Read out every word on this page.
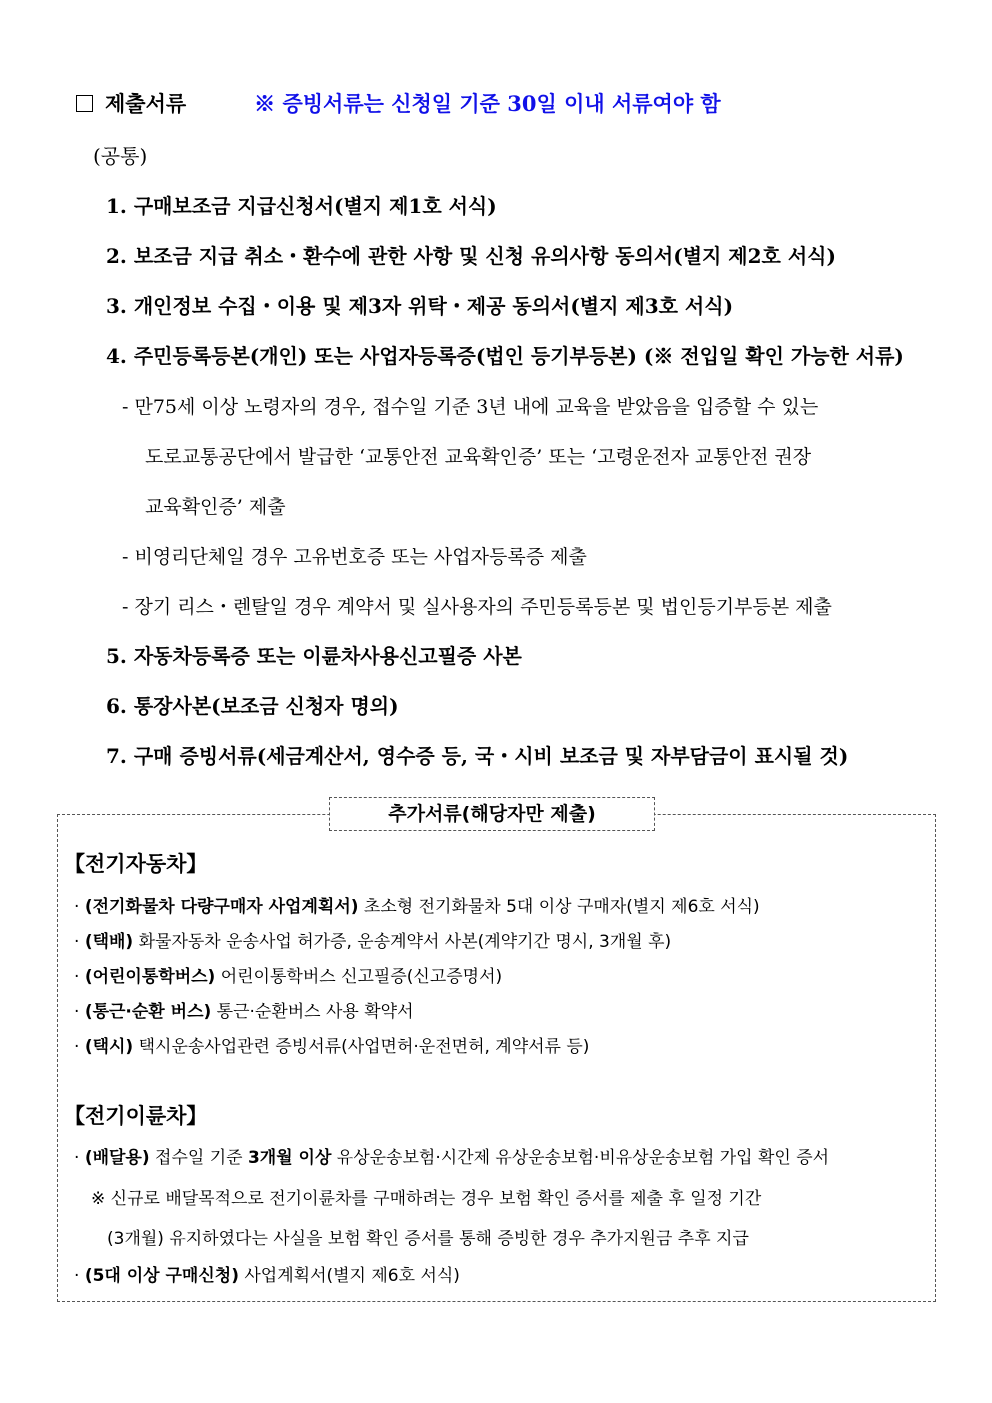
제출서류	※ 증빙서류는 신청일 기준 30일 이내 서류여야 함
(공통)
1. 구매보조금 지급신청서(별지 제1호 서식)
2. 보조금 지급 취소・환수에 관한 사항 및 신청 유의사항 동의서(별지 제2호 서식)
3. 개인정보 수집・이용 및 제3자 위탁・제공 동의서(별지 제3호 서식)
4. 주민등록등본(개인) 또는 사업자등록증(법인 등기부등본) (※ 전입일 확인 가능한 서류)
- 만75세 이상 노령자의 경우, 접수일 기준 3년 내에 교육을 받았음을 입증할 수 있는
도로교통공단에서 발급한 ‘교통안전 교육확인증’ 또는 ‘고령운전자 교통안전 권장
교육확인증’ 제출
- 비영리단체일 경우 고유번호증 또는 사업자등록증 제출
- 장기 리스・렌탈일 경우 계약서 및 실사용자의 주민등록등본 및 법인등기부등본 제출
5. 자동차등록증 또는 이륜차사용신고필증 사본
6. 통장사본(보조금 신청자 명의)
7. 구매 증빙서류(세금계산서, 영수증 등, 국・시비 보조금 및 자부담금이 표시될 것)
추가서류(해당자만 제출)
【전기자동차】
· (전기화물차 다량구매자 사업계획서) 초소형 전기화물차 5대 이상 구매자(별지 제6호 서식)
· (택배) 화물자동차 운송사업 허가증, 운송계약서 사본(계약기간 명시, 3개월 후)
· (어린이통학버스) 어린이통학버스 신고필증(신고증명서)
· (통근·순환 버스) 통근·순환버스 사용 확약서
· (택시) 택시운송사업관련 증빙서류(사업면허·운전면허, 계약서류 등)
【전기이륜차】
· (배달용) 접수일 기준 3개월 이상 유상운송보험·시간제 유상운송보험·비유상운송보험 가입 확인 증서
※ 신규로 배달목적으로 전기이륜차를 구매하려는 경우 보험 확인 증서를 제출 후 일정 기간
(3개월) 유지하였다는 사실을 보험 확인 증서를 통해 증빙한 경우 추가지원금 추후 지급
· (5대 이상 구매신청) 사업계획서(별지 제6호 서식)
